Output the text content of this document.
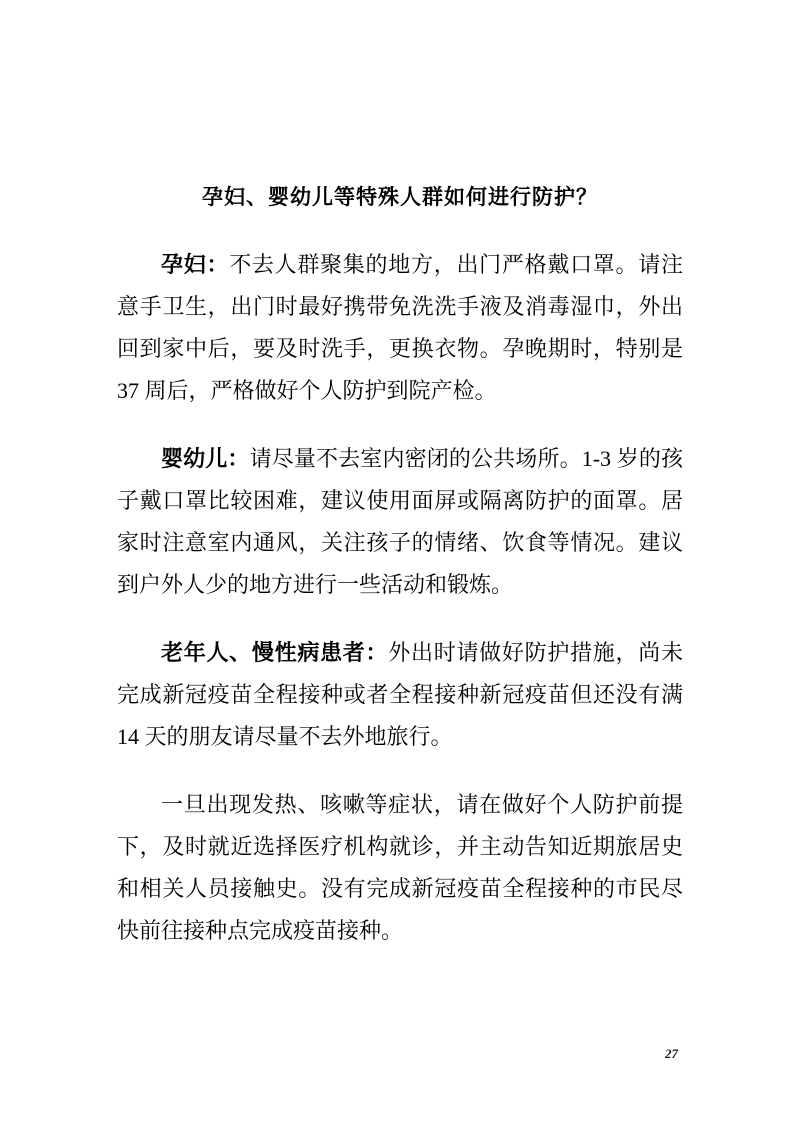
孕妇、婴幼儿等特殊人群如何进行防护？

孕妇：不去人群聚集的地方，出门严格戴口罩。请注意手卫生，出门时最好携带免洗洗手液及消毒湿巾，外出回到家中后，要及时洗手，更换衣物。孕晚期时，特别是 37 周后，严格做好个人防护到院产检。

婴幼儿：请尽量不去室内密闭的公共场所。1-3 岁的孩子戴口罩比较困难，建议使用面屏或隔离防护的面罩。居家时注意室内通风，关注孩子的情绪、饮食等情况。建议到户外人少的地方进行一些活动和锻炼。

老年人、慢性病患者：外出时请做好防护措施，尚未完成新冠疫苗全程接种或者全程接种新冠疫苗但还没有满 14 天的朋友请尽量不去外地旅行。

一旦出现发热、咳嗽等症状，请在做好个人防护前提下，及时就近选择医疗机构就诊，并主动告知近期旅居史和相关人员接触史。没有完成新冠疫苗全程接种的市民尽快前往接种点完成疫苗接种。

27
